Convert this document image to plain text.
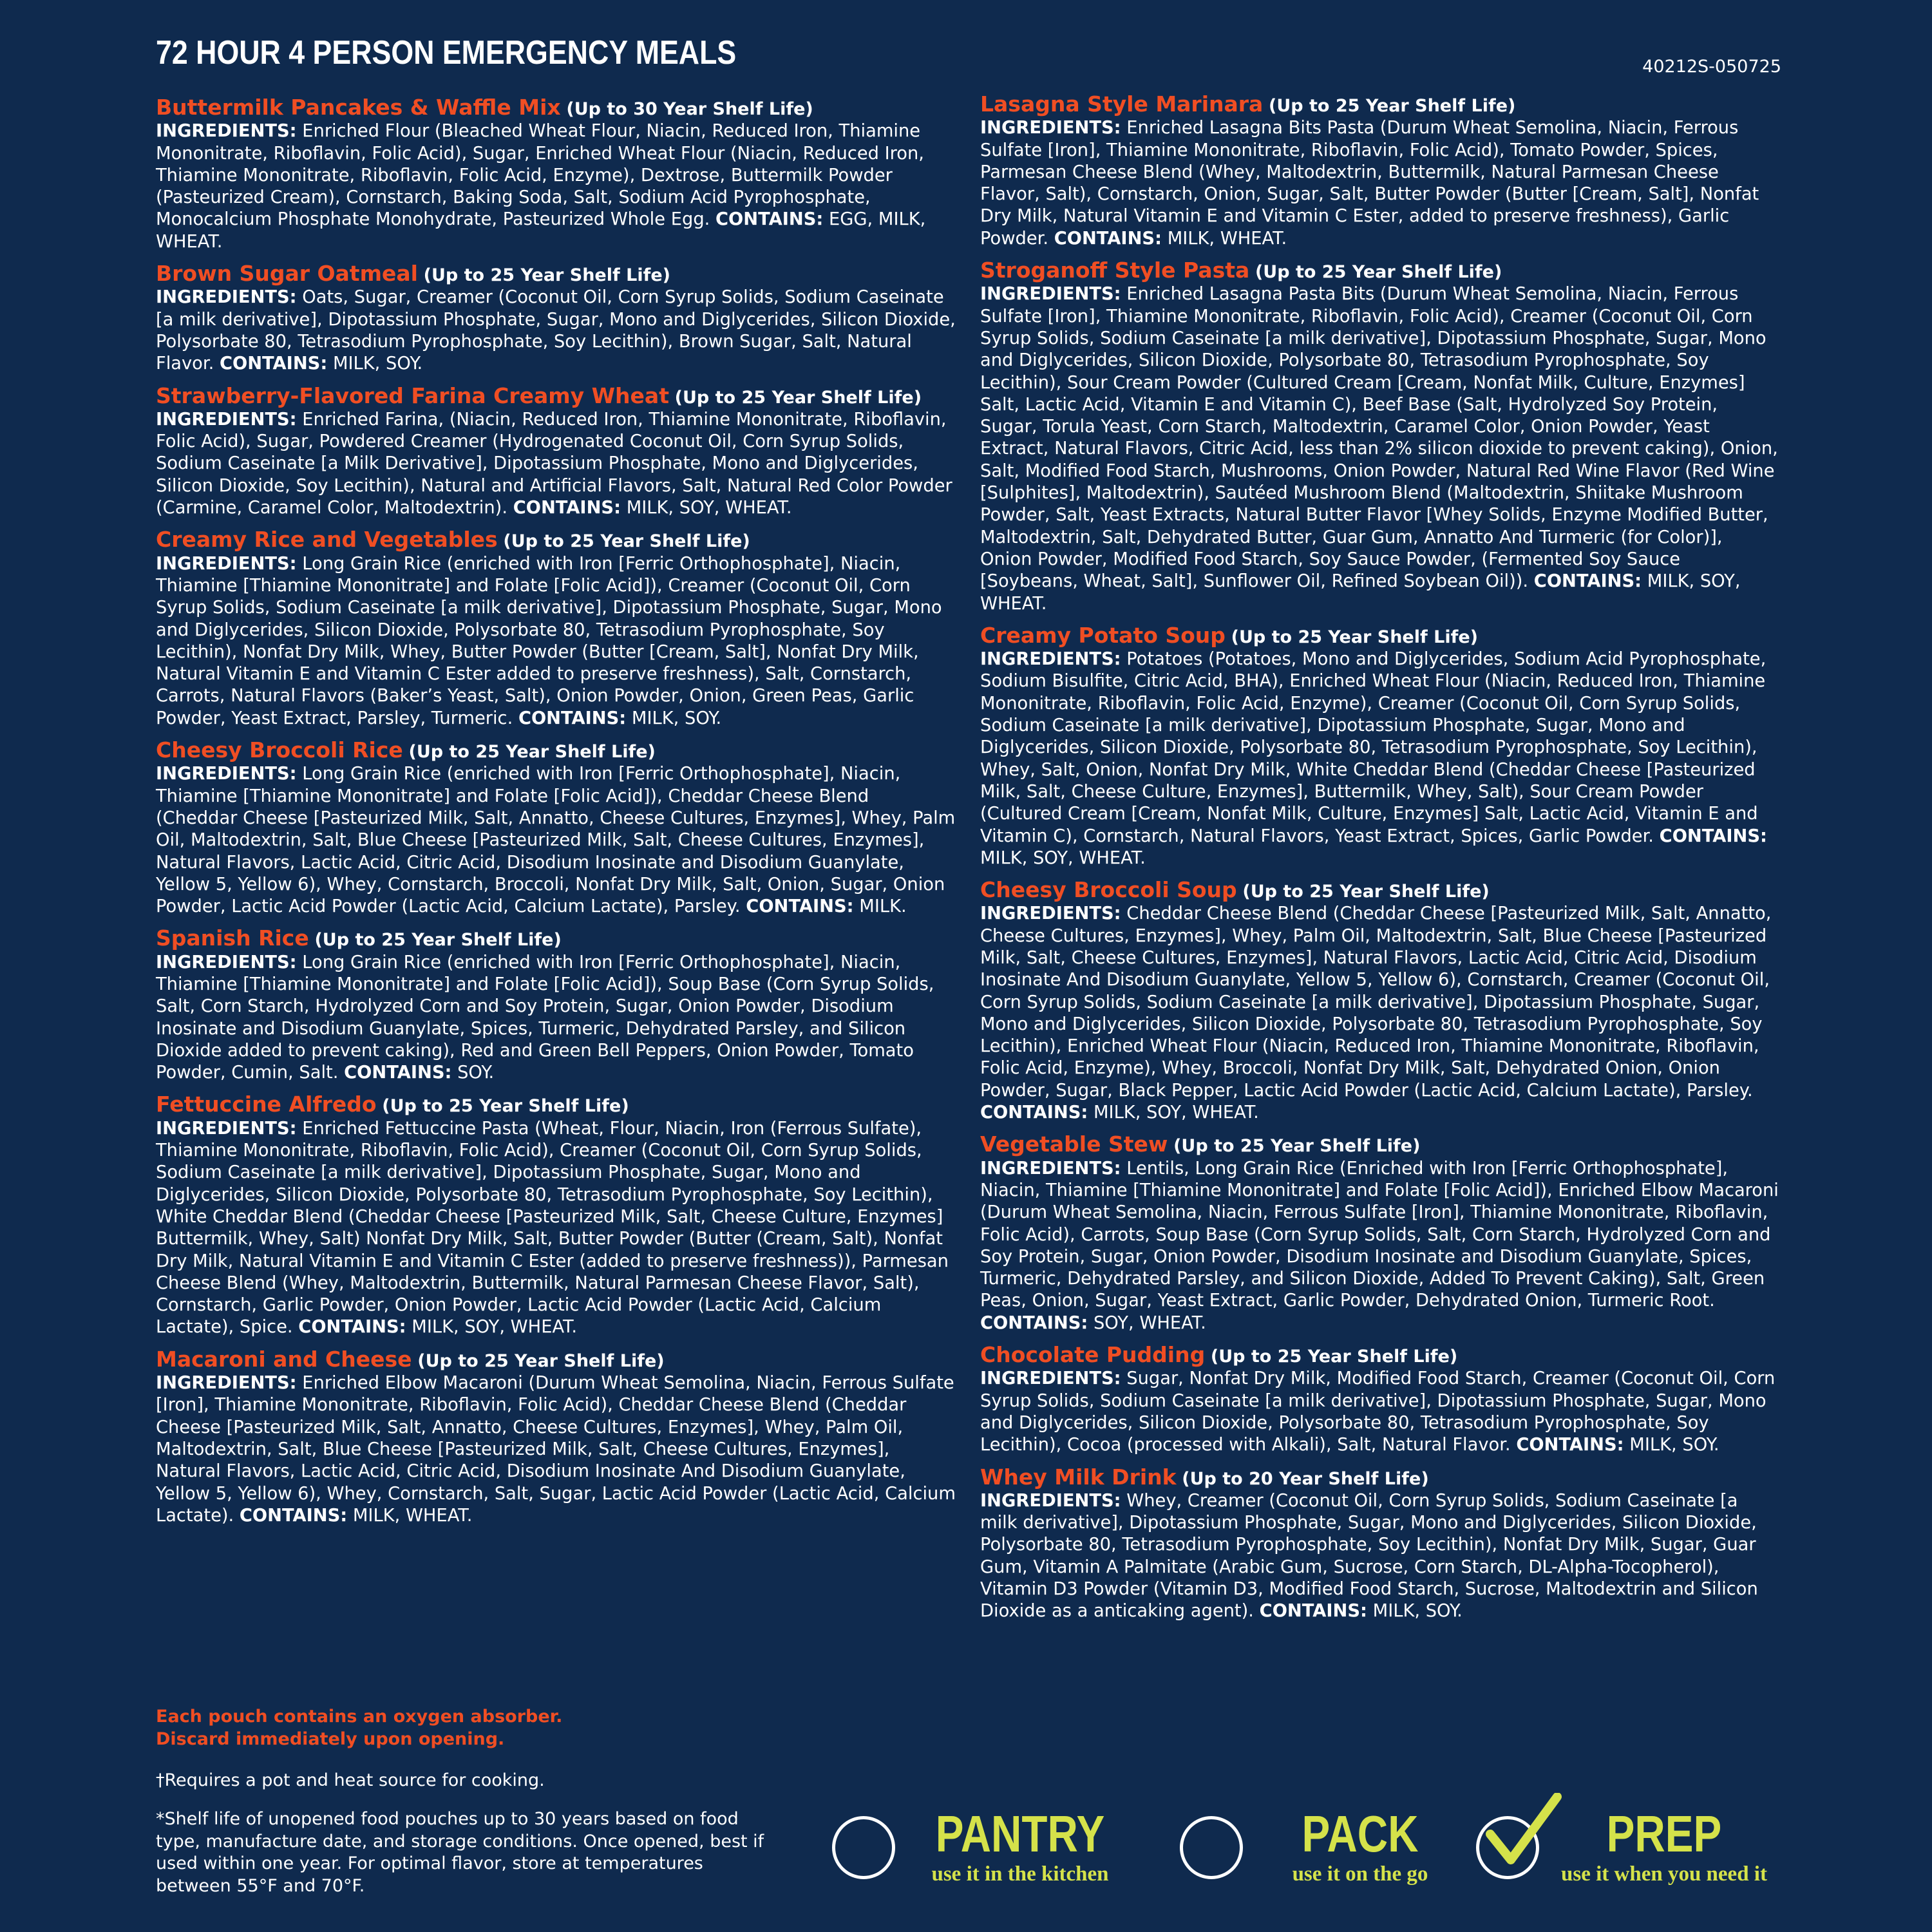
72 HOUR 4 PERSON EMERGENCY MEALS	40212S-050725
Buttermilk Pancakes & Waffle Mix (Up to 30 Year Shelf Life)
INGREDIENTS: Enriched Flour (Bleached Wheat Flour, Niacin, Reduced Iron, Thiamine Mononitrate, Riboflavin, Folic Acid), Sugar, Enriched Wheat Flour (Niacin, Reduced Iron, Thiamine Mononitrate, Riboflavin, Folic Acid, Enzyme), Dextrose, Buttermilk Powder (Pasteurized Cream), Cornstarch, Baking Soda, Salt, Sodium Acid Pyrophosphate, Monocalcium Phosphate Monohydrate, Pasteurized Whole Egg. CONTAINS: EGG, MILK, WHEAT.
Brown Sugar Oatmeal (Up to 25 Year Shelf Life)
INGREDIENTS: Oats, Sugar, Creamer (Coconut Oil, Corn Syrup Solids, Sodium Caseinate [a milk derivative], Dipotassium Phosphate, Sugar, Mono and Diglycerides, Silicon Dioxide, Polysorbate 80, Tetrasodium Pyrophosphate, Soy Lecithin), Brown Sugar, Salt, Natural Flavor. CONTAINS: MILK, SOY.
Strawberry-Flavored Farina Creamy Wheat (Up to 25 Year Shelf Life)
INGREDIENTS: Enriched Farina, (Niacin, Reduced Iron, Thiamine Mononitrate, Riboflavin, Folic Acid), Sugar, Powdered Creamer (Hydrogenated Coconut Oil, Corn Syrup Solids, Sodium Caseinate [a Milk Derivative], Dipotassium Phosphate, Mono and Diglycerides, Silicon Dioxide, Soy Lecithin), Natural and Artificial Flavors, Salt, Natural Red Color Powder (Carmine, Caramel Color, Maltodextrin). CONTAINS: MILK, SOY, WHEAT.
Creamy Rice and Vegetables (Up to 25 Year Shelf Life)
INGREDIENTS: Long Grain Rice (enriched with Iron [Ferric Orthophosphate], Niacin, Thiamine [Thiamine Mononitrate] and Folate [Folic Acid]), Creamer (Coconut Oil, Corn Syrup Solids, Sodium Caseinate [a milk derivative], Dipotassium Phosphate, Sugar, Mono and Diglycerides, Silicon Dioxide, Polysorbate 80, Tetrasodium Pyrophosphate, Soy Lecithin), Nonfat Dry Milk, Whey, Butter Powder (Butter [Cream, Salt], Nonfat Dry Milk, Natural Vitamin E and Vitamin C Ester added to preserve freshness), Salt, Cornstarch, Carrots, Natural Flavors (Baker’s Yeast, Salt), Onion Powder, Onion, Green Peas, Garlic Powder, Yeast Extract, Parsley, Turmeric. CONTAINS: MILK, SOY.
Cheesy Broccoli Rice (Up to 25 Year Shelf Life)
INGREDIENTS: Long Grain Rice (enriched with Iron [Ferric Orthophosphate], Niacin, Thiamine [Thiamine Mononitrate] and Folate [Folic Acid]), Cheddar Cheese Blend (Cheddar Cheese [Pasteurized Milk, Salt, Annatto, Cheese Cultures, Enzymes], Whey, Palm Oil, Maltodextrin, Salt, Blue Cheese [Pasteurized Milk, Salt, Cheese Cultures, Enzymes], Natural Flavors, Lactic Acid, Citric Acid, Disodium Inosinate and Disodium Guanylate, Yellow 5, Yellow 6), Whey, Cornstarch, Broccoli, Nonfat Dry Milk, Salt, Onion, Sugar, Onion Powder, Lactic Acid Powder (Lactic Acid, Calcium Lactate), Parsley. CONTAINS: MILK.
Spanish Rice (Up to 25 Year Shelf Life)
INGREDIENTS: Long Grain Rice (enriched with Iron [Ferric Orthophosphate], Niacin, Thiamine [Thiamine Mononitrate] and Folate [Folic Acid]), Soup Base (Corn Syrup Solids, Salt, Corn Starch, Hydrolyzed Corn and Soy Protein, Sugar, Onion Powder, Disodium Inosinate and Disodium Guanylate, Spices, Turmeric, Dehydrated Parsley, and Silicon Dioxide added to prevent caking), Red and Green Bell Peppers, Onion Powder, Tomato Powder, Cumin, Salt. CONTAINS: SOY.
Fettuccine Alfredo (Up to 25 Year Shelf Life)
INGREDIENTS: Enriched Fettuccine Pasta (Wheat, Flour, Niacin, Iron (Ferrous Sulfate), Thiamine Mononitrate, Riboflavin, Folic Acid), Creamer (Coconut Oil, Corn Syrup Solids, Sodium Caseinate [a milk derivative], Dipotassium Phosphate, Sugar, Mono and Diglycerides, Silicon Dioxide, Polysorbate 80, Tetrasodium Pyrophosphate, Soy Lecithin), White Cheddar Blend (Cheddar Cheese [Pasteurized Milk, Salt, Cheese Culture, Enzymes] Buttermilk, Whey, Salt) Nonfat Dry Milk, Salt, Butter Powder (Butter (Cream, Salt), Nonfat Dry Milk, Natural Vitamin E and Vitamin C Ester (added to preserve freshness)), Parmesan Cheese Blend (Whey, Maltodextrin, Buttermilk, Natural Parmesan Cheese Flavor, Salt), Cornstarch, Garlic Powder, Onion Powder, Lactic Acid Powder (Lactic Acid, Calcium Lactate), Spice. CONTAINS: MILK, SOY, WHEAT.
Macaroni and Cheese (Up to 25 Year Shelf Life)
INGREDIENTS: Enriched Elbow Macaroni (Durum Wheat Semolina, Niacin, Ferrous Sulfate [Iron], Thiamine Mononitrate, Riboflavin, Folic Acid), Cheddar Cheese Blend (Cheddar Cheese [Pasteurized Milk, Salt, Annatto, Cheese Cultures, Enzymes], Whey, Palm Oil, Maltodextrin, Salt, Blue Cheese [Pasteurized Milk, Salt, Cheese Cultures, Enzymes], Natural Flavors, Lactic Acid, Citric Acid, Disodium Inosinate And Disodium Guanylate, Yellow 5, Yellow 6), Whey, Cornstarch, Salt, Sugar, Lactic Acid Powder (Lactic Acid, Calcium Lactate). CONTAINS: MILK, WHEAT.
Lasagna Style Marinara (Up to 25 Year Shelf Life)
INGREDIENTS: Enriched Lasagna Bits Pasta (Durum Wheat Semolina, Niacin, Ferrous Sulfate [Iron], Thiamine Mononitrate, Riboflavin, Folic Acid), Tomato Powder, Spices, Parmesan Cheese Blend (Whey, Maltodextrin, Buttermilk, Natural Parmesan Cheese Flavor, Salt), Cornstarch, Onion, Sugar, Salt, Butter Powder (Butter [Cream, Salt], Nonfat Dry Milk, Natural Vitamin E and Vitamin C Ester, added to preserve freshness), Garlic Powder. CONTAINS: MILK, WHEAT.
Stroganoff Style Pasta (Up to 25 Year Shelf Life)
INGREDIENTS: Enriched Lasagna Pasta Bits (Durum Wheat Semolina, Niacin, Ferrous Sulfate [Iron], Thiamine Mononitrate, Riboflavin, Folic Acid), Creamer (Coconut Oil, Corn Syrup Solids, Sodium Caseinate [a milk derivative], Dipotassium Phosphate, Sugar, Mono and Diglycerides, Silicon Dioxide, Polysorbate 80, Tetrasodium Pyrophosphate, Soy Lecithin), Sour Cream Powder (Cultured Cream [Cream, Nonfat Milk, Culture, Enzymes] Salt, Lactic Acid, Vitamin E and Vitamin C), Beef Base (Salt, Hydrolyzed Soy Protein, Sugar, Torula Yeast, Corn Starch, Maltodextrin, Caramel Color, Onion Powder, Yeast Extract, Natural Flavors, Citric Acid, less than 2% silicon dioxide to prevent caking), Onion, Salt, Modified Food Starch, Mushrooms, Onion Powder, Natural Red Wine Flavor (Red Wine [Sulphites], Maltodextrin), Sautéed Mushroom Blend (Maltodextrin, Shiitake Mushroom Powder, Salt, Yeast Extracts, Natural Butter Flavor [Whey Solids, Enzyme Modified Butter, Maltodextrin, Salt, Dehydrated Butter, Guar Gum, Annatto And Turmeric (for Color)], Onion Powder, Modified Food Starch, Soy Sauce Powder, (Fermented Soy Sauce [Soybeans, Wheat, Salt], Sunflower Oil, Refined Soybean Oil)). CONTAINS: MILK, SOY, WHEAT.
Creamy Potato Soup (Up to 25 Year Shelf Life)
INGREDIENTS: Potatoes (Potatoes, Mono and Diglycerides, Sodium Acid Pyrophosphate, Sodium Bisulfite, Citric Acid, BHA), Enriched Wheat Flour (Niacin, Reduced Iron, Thiamine Mononitrate, Riboflavin, Folic Acid, Enzyme), Creamer (Coconut Oil, Corn Syrup Solids, Sodium Caseinate [a milk derivative], Dipotassium Phosphate, Sugar, Mono and Diglycerides, Silicon Dioxide, Polysorbate 80, Tetrasodium Pyrophosphate, Soy Lecithin), Whey, Salt, Onion, Nonfat Dry Milk, White Cheddar Blend (Cheddar Cheese [Pasteurized Milk, Salt, Cheese Culture, Enzymes], Buttermilk, Whey, Salt), Sour Cream Powder (Cultured Cream [Cream, Nonfat Milk, Culture, Enzymes] Salt, Lactic Acid, Vitamin E and Vitamin C), Cornstarch, Natural Flavors, Yeast Extract, Spices, Garlic Powder. CONTAINS: MILK, SOY, WHEAT.
Cheesy Broccoli Soup (Up to 25 Year Shelf Life)
INGREDIENTS: Cheddar Cheese Blend (Cheddar Cheese [Pasteurized Milk, Salt, Annatto, Cheese Cultures, Enzymes], Whey, Palm Oil, Maltodextrin, Salt, Blue Cheese [Pasteurized Milk, Salt, Cheese Cultures, Enzymes], Natural Flavors, Lactic Acid, Citric Acid, Disodium Inosinate And Disodium Guanylate, Yellow 5, Yellow 6), Cornstarch, Creamer (Coconut Oil, Corn Syrup Solids, Sodium Caseinate [a milk derivative], Dipotassium Phosphate, Sugar, Mono and Diglycerides, Silicon Dioxide, Polysorbate 80, Tetrasodium Pyrophosphate, Soy Lecithin), Enriched Wheat Flour (Niacin, Reduced Iron, Thiamine Mononitrate, Riboflavin, Folic Acid, Enzyme), Whey, Broccoli, Nonfat Dry Milk, Salt, Dehydrated Onion, Onion Powder, Sugar, Black Pepper, Lactic Acid Powder (Lactic Acid, Calcium Lactate), Parsley. CONTAINS: MILK, SOY, WHEAT.
Vegetable Stew (Up to 25 Year Shelf Life)
INGREDIENTS: Lentils, Long Grain Rice (Enriched with Iron [Ferric Orthophosphate], Niacin, Thiamine [Thiamine Mononitrate] and Folate [Folic Acid]), Enriched Elbow Macaroni (Durum Wheat Semolina, Niacin, Ferrous Sulfate [Iron], Thiamine Mononitrate, Riboflavin, Folic Acid), Carrots, Soup Base (Corn Syrup Solids, Salt, Corn Starch, Hydrolyzed Corn and Soy Protein, Sugar, Onion Powder, Disodium Inosinate and Disodium Guanylate, Spices, Turmeric, Dehydrated Parsley, and Silicon Dioxide, Added To Prevent Caking), Salt, Green Peas, Onion, Sugar, Yeast Extract, Garlic Powder, Dehydrated Onion, Turmeric Root. CONTAINS: SOY, WHEAT.
Chocolate Pudding (Up to 25 Year Shelf Life)
INGREDIENTS: Sugar, Nonfat Dry Milk, Modified Food Starch, Creamer (Coconut Oil, Corn Syrup Solids, Sodium Caseinate [a milk derivative], Dipotassium Phosphate, Sugar, Mono and Diglycerides, Silicon Dioxide, Polysorbate 80, Tetrasodium Pyrophosphate, Soy Lecithin), Cocoa (processed with Alkali), Salt, Natural Flavor. CONTAINS: MILK, SOY.
Whey Milk Drink (Up to 20 Year Shelf Life)
INGREDIENTS: Whey, Creamer (Coconut Oil, Corn Syrup Solids, Sodium Caseinate [a milk derivative], Dipotassium Phosphate, Sugar, Mono and Diglycerides, Silicon Dioxide, Polysorbate 80, Tetrasodium Pyrophosphate, Soy Lecithin), Nonfat Dry Milk, Sugar, Guar Gum, Vitamin A Palmitate (Arabic Gum, Sucrose, Corn Starch, DL-Alpha-Tocopherol), Vitamin D3 Powder (Vitamin D3, Modified Food Starch, Sucrose, Maltodextrin and Silicon Dioxide as a anticaking agent). CONTAINS: MILK, SOY.
Each pouch contains an oxygen absorber.
Discard immediately upon opening.
†Requires a pot and heat source for cooking.
*Shelf life of unopened food pouches up to 30 years based on food type, manufacture date, and storage conditions. Once opened, best if used within one year. For optimal flavor, store at temperatures between 55°F and 70°F.
PANTRY
use it in the kitchen
PACK
use it on the go
PREP
use it when you need it
